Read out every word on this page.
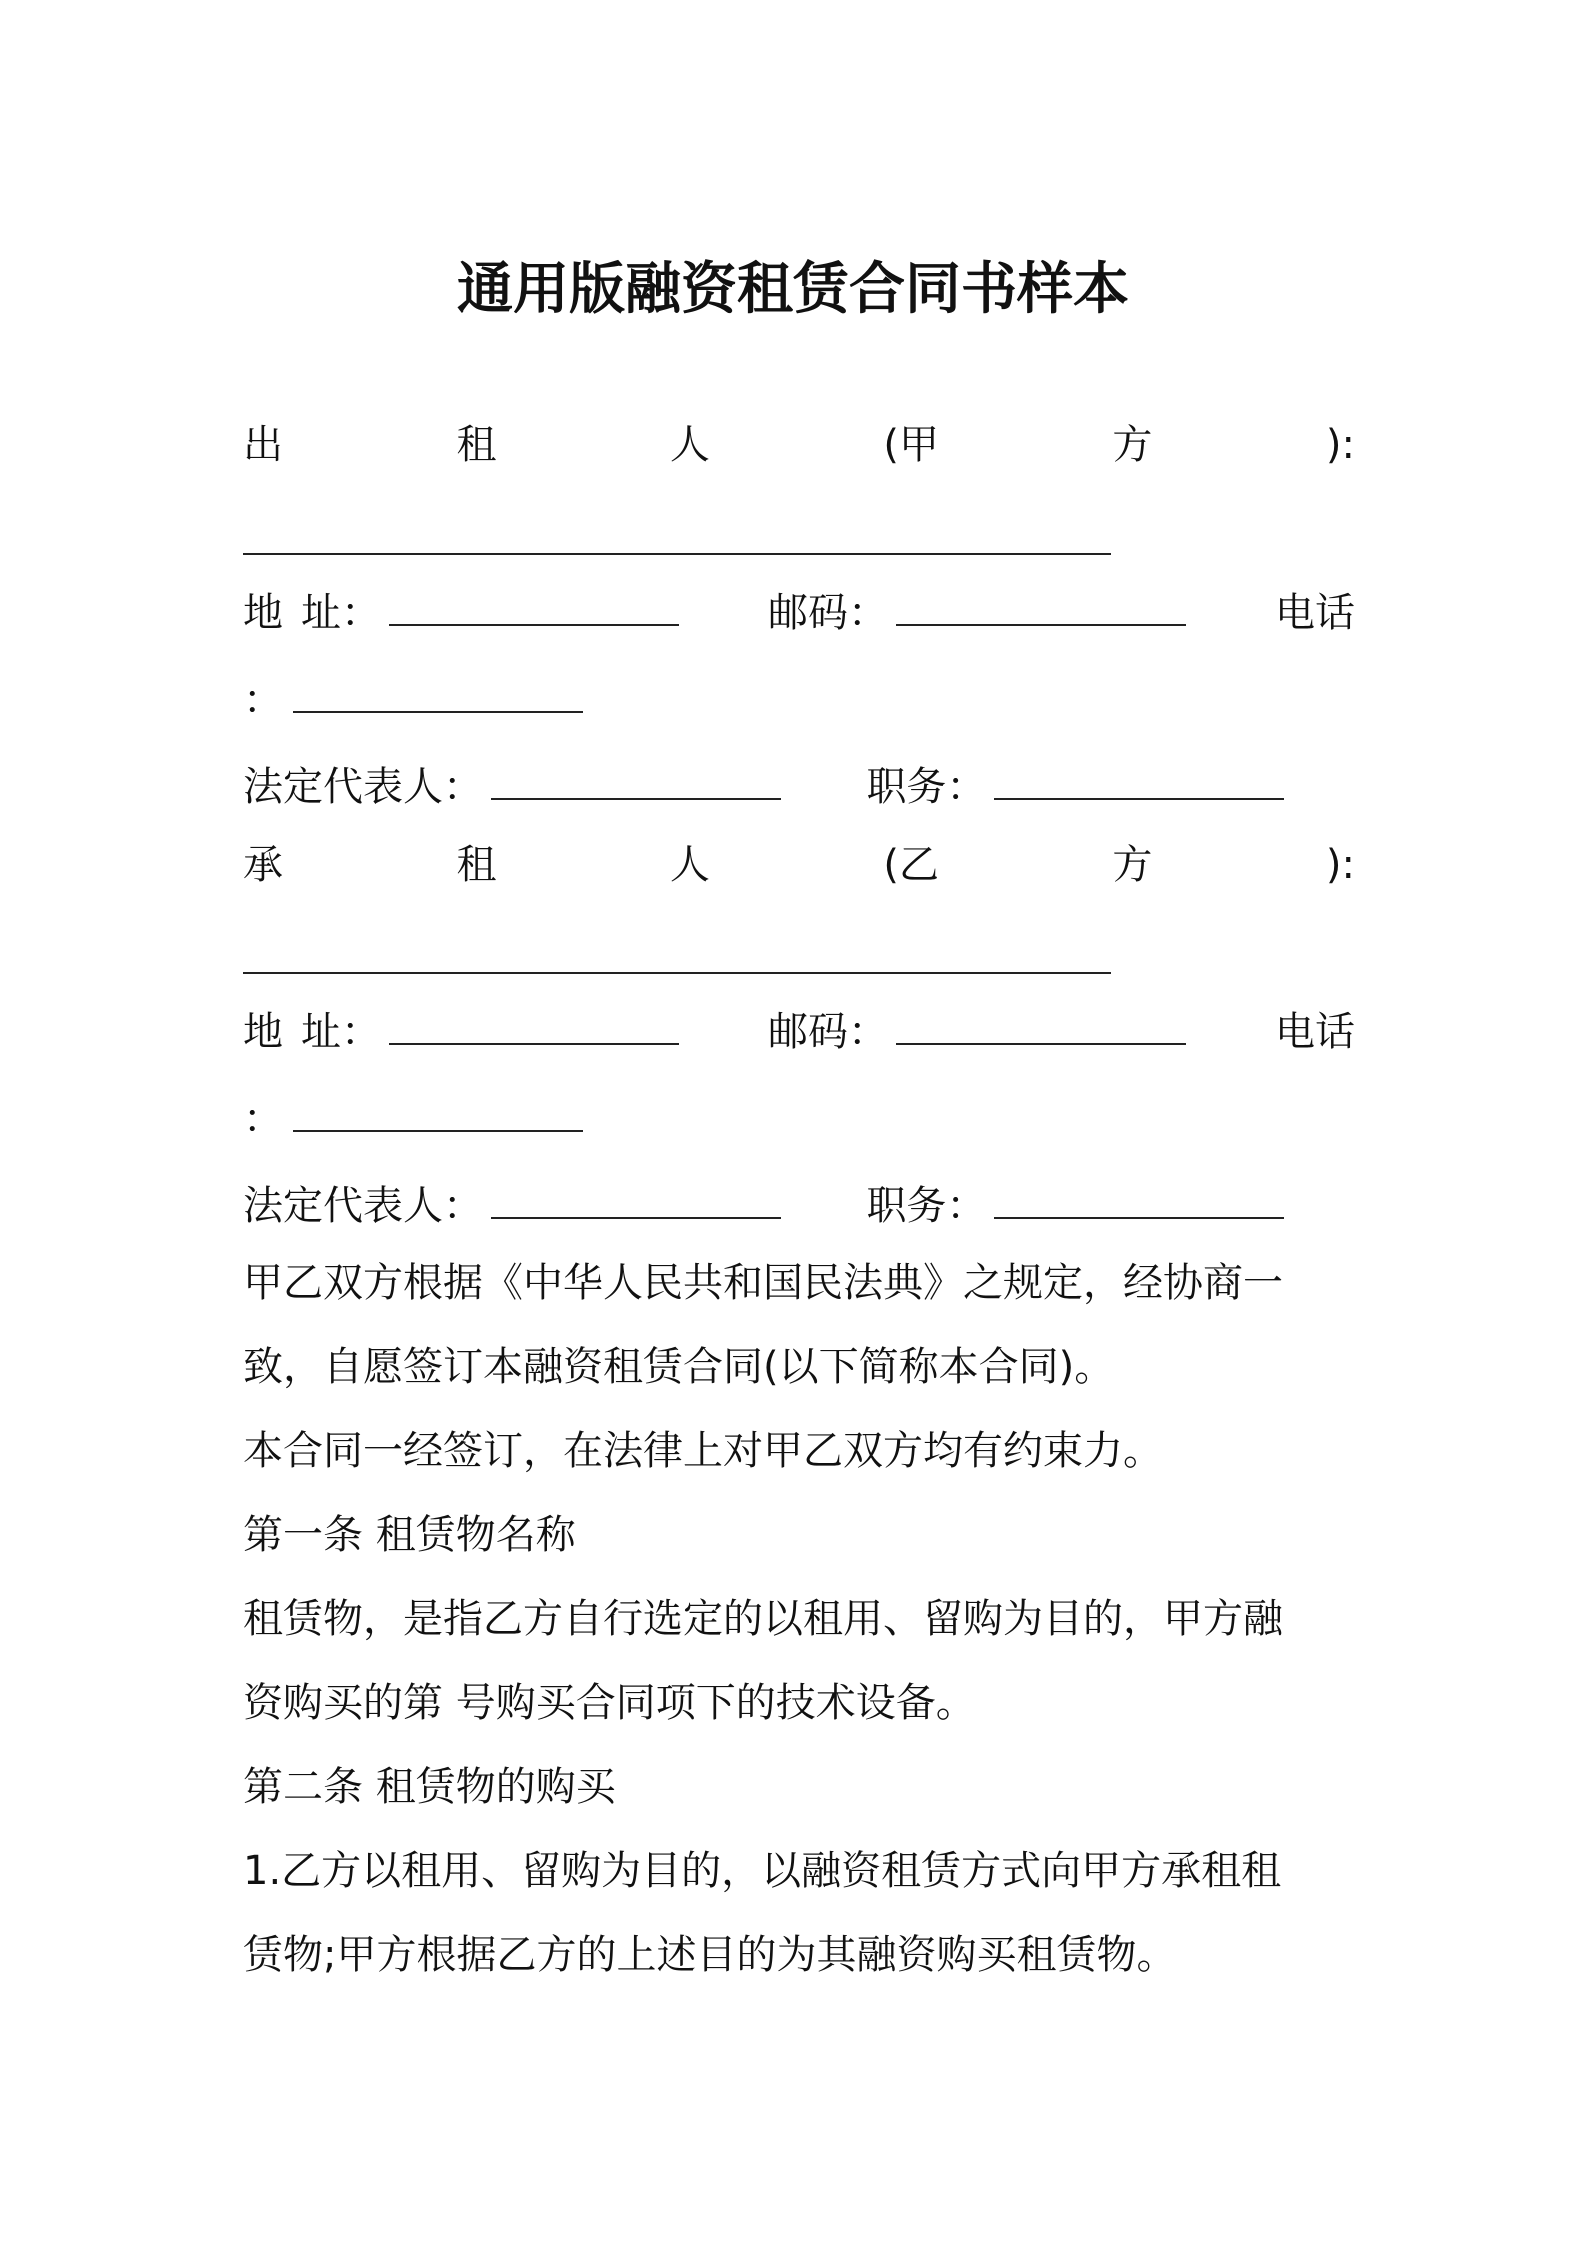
通用版融资租赁合同书样本
出	租	人	(甲	方	):
地 址：	邮码：	电话
：
法定代表人：	职务：
承	租	人	(乙	方	):
地 址：	邮码：	电话
：
法定代表人：	职务：
甲乙双方根据《中华人民共和国民法典》之规定，经协商一
致，自愿签订本融资租赁合同(以下简称本合同)。
本合同一经签订，在法律上对甲乙双方均有约束力。
第一条 租赁物名称
租赁物，是指乙方自行选定的以租用、留购为目的，甲方融
资购买的第 号购买合同项下的技术设备。
第二条 租赁物的购买
1.乙方以租用、留购为目的，以融资租赁方式向甲方承租租
赁物;甲方根据乙方的上述目的为其融资购买租赁物。
